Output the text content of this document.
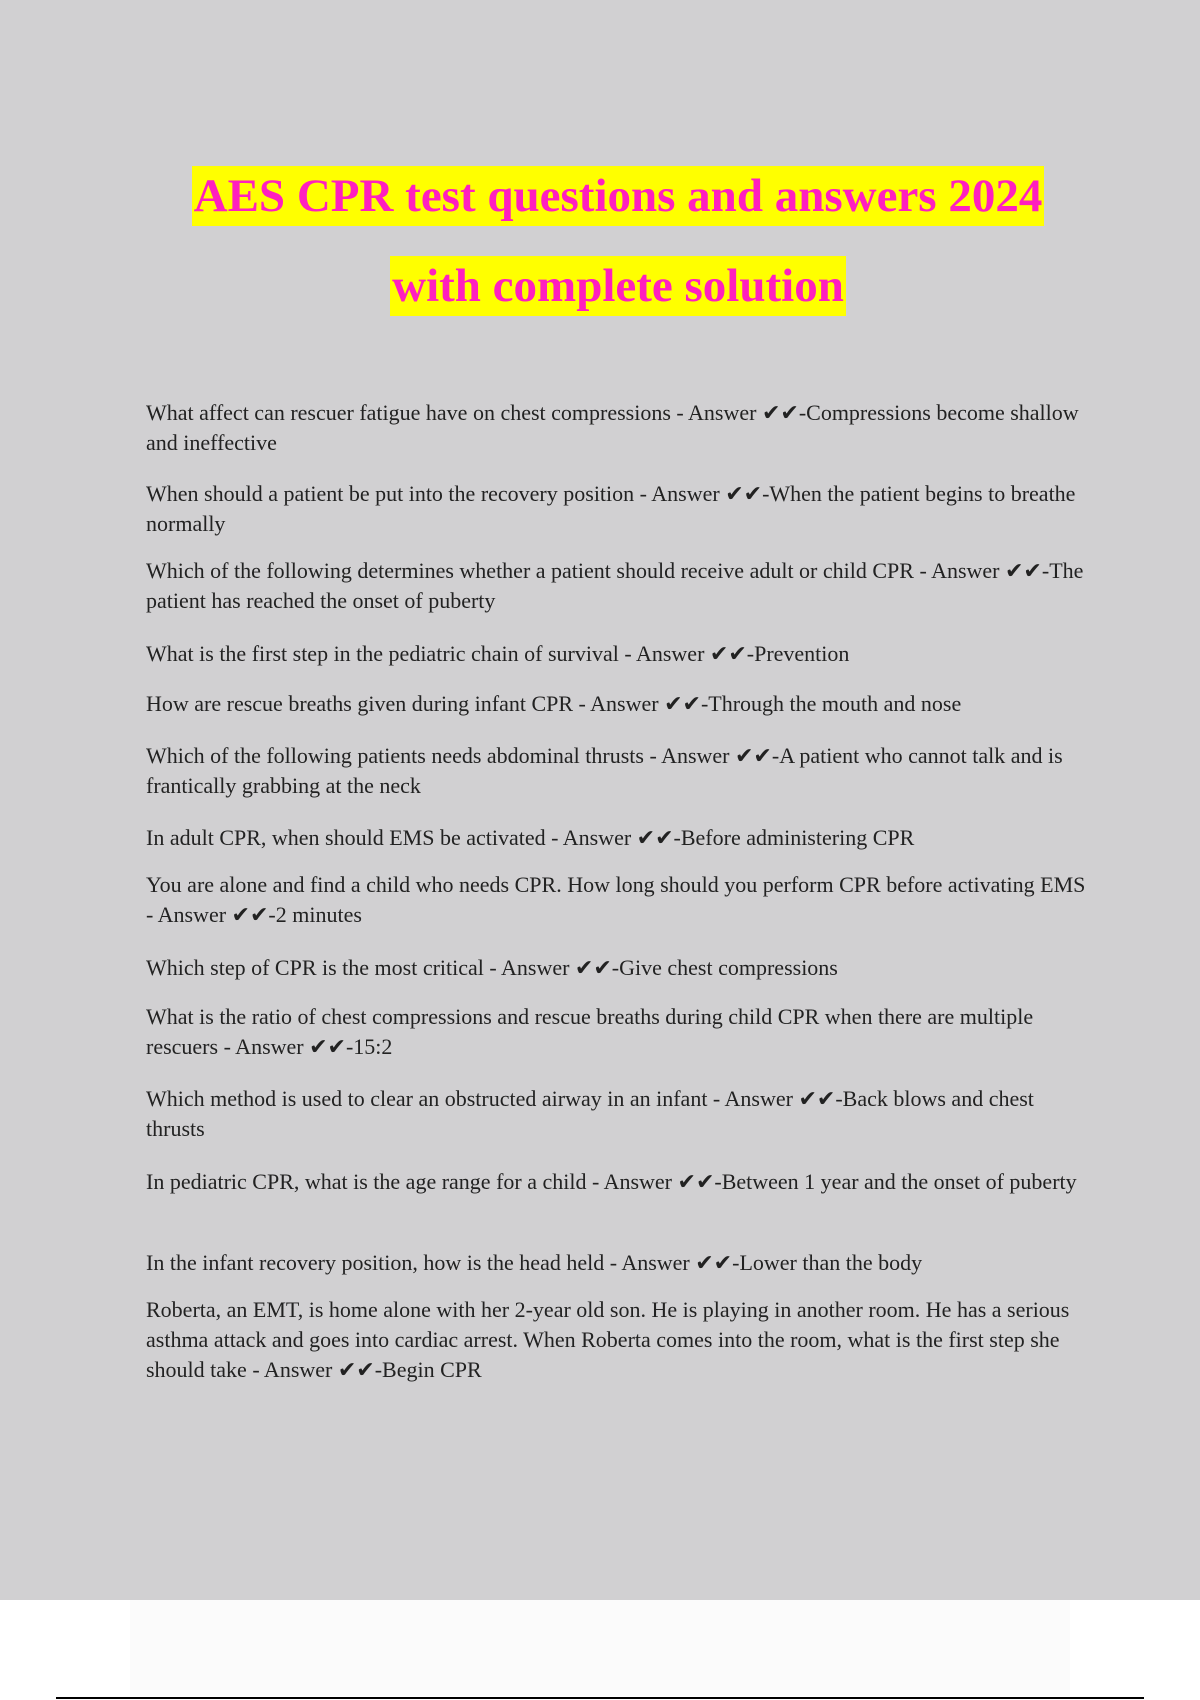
AES CPR test questions and answers 2024
with complete solution
What affect can rescuer fatigue have on chest compressions - Answer ✔✔-Compressions become shallow and ineffective
When should a patient be put into the recovery position - Answer ✔✔-When the patient begins to breathe normally
Which of the following determines whether a patient should receive adult or child CPR - Answer ✔✔-The patient has reached the onset of puberty
What is the first step in the pediatric chain of survival - Answer ✔✔-Prevention
How are rescue breaths given during infant CPR - Answer ✔✔-Through the mouth and nose
Which of the following patients needs abdominal thrusts - Answer ✔✔-A patient who cannot talk and is frantically grabbing at the neck
In adult CPR, when should EMS be activated - Answer ✔✔-Before administering CPR
You are alone and find a child who needs CPR. How long should you perform CPR before activating EMS - Answer ✔✔-2 minutes
Which step of CPR is the most critical - Answer ✔✔-Give chest compressions
What is the ratio of chest compressions and rescue breaths during child CPR when there are multiple rescuers - Answer ✔✔-15:2
Which method is used to clear an obstructed airway in an infant - Answer ✔✔-Back blows and chest thrusts
In pediatric CPR, what is the age range for a child - Answer ✔✔-Between 1 year and the onset of puberty
In the infant recovery position, how is the head held - Answer ✔✔-Lower than the body
Roberta, an EMT, is home alone with her 2-year old son. He is playing in another room. He has a serious asthma attack and goes into cardiac arrest. When Roberta comes into the room, what is the first step she should take - Answer ✔✔-Begin CPR
